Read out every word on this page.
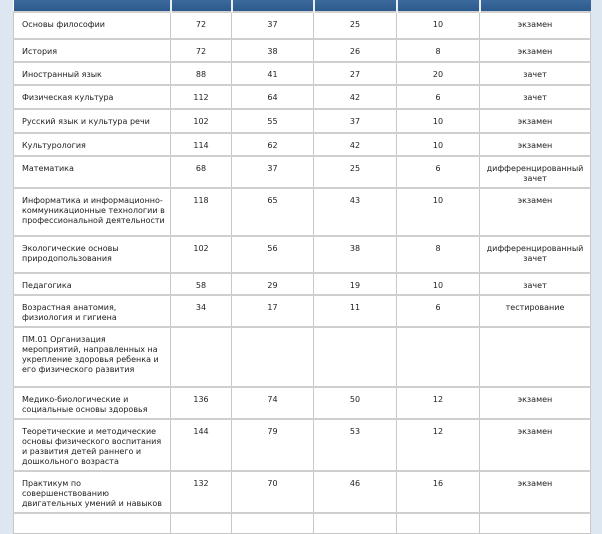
Основы философии	72	37	25	10	экзамен
История	72	38	26	8	экзамен
Иностранный язык	88	41	27	20	зачет
Физическая культура	112	64	42	6	зачет
Русский язык и культура речи	102	55	37	10	экзамен
Культурология	114	62	42	10	экзамен
Математика	68	37	25	6	дифференцированный зачет
Информатика и информационно-коммуникационные технологии в профессиональной деятельности	118	65	43	10	экзамен
Экологические основы природопользования	102	56	38	8	дифференцированный зачет
Педагогика	58	29	19	10	зачет
Возрастная анатомия, физиология и гигиена	34	17	11	6	тестирование
ПМ.01 Организация мероприятий, направленных на укрепление здоровья ребенка и его физического развития					
Медико-биологические и социальные основы здоровья	136	74	50	12	экзамен
Теоретические и методические основы физического воспитания и развития детей раннего и дошкольного возраста	144	79	53	12	экзамен
Практикум по совершенствованию двигательных умений и навыков	132	70	46	16	экзамен
